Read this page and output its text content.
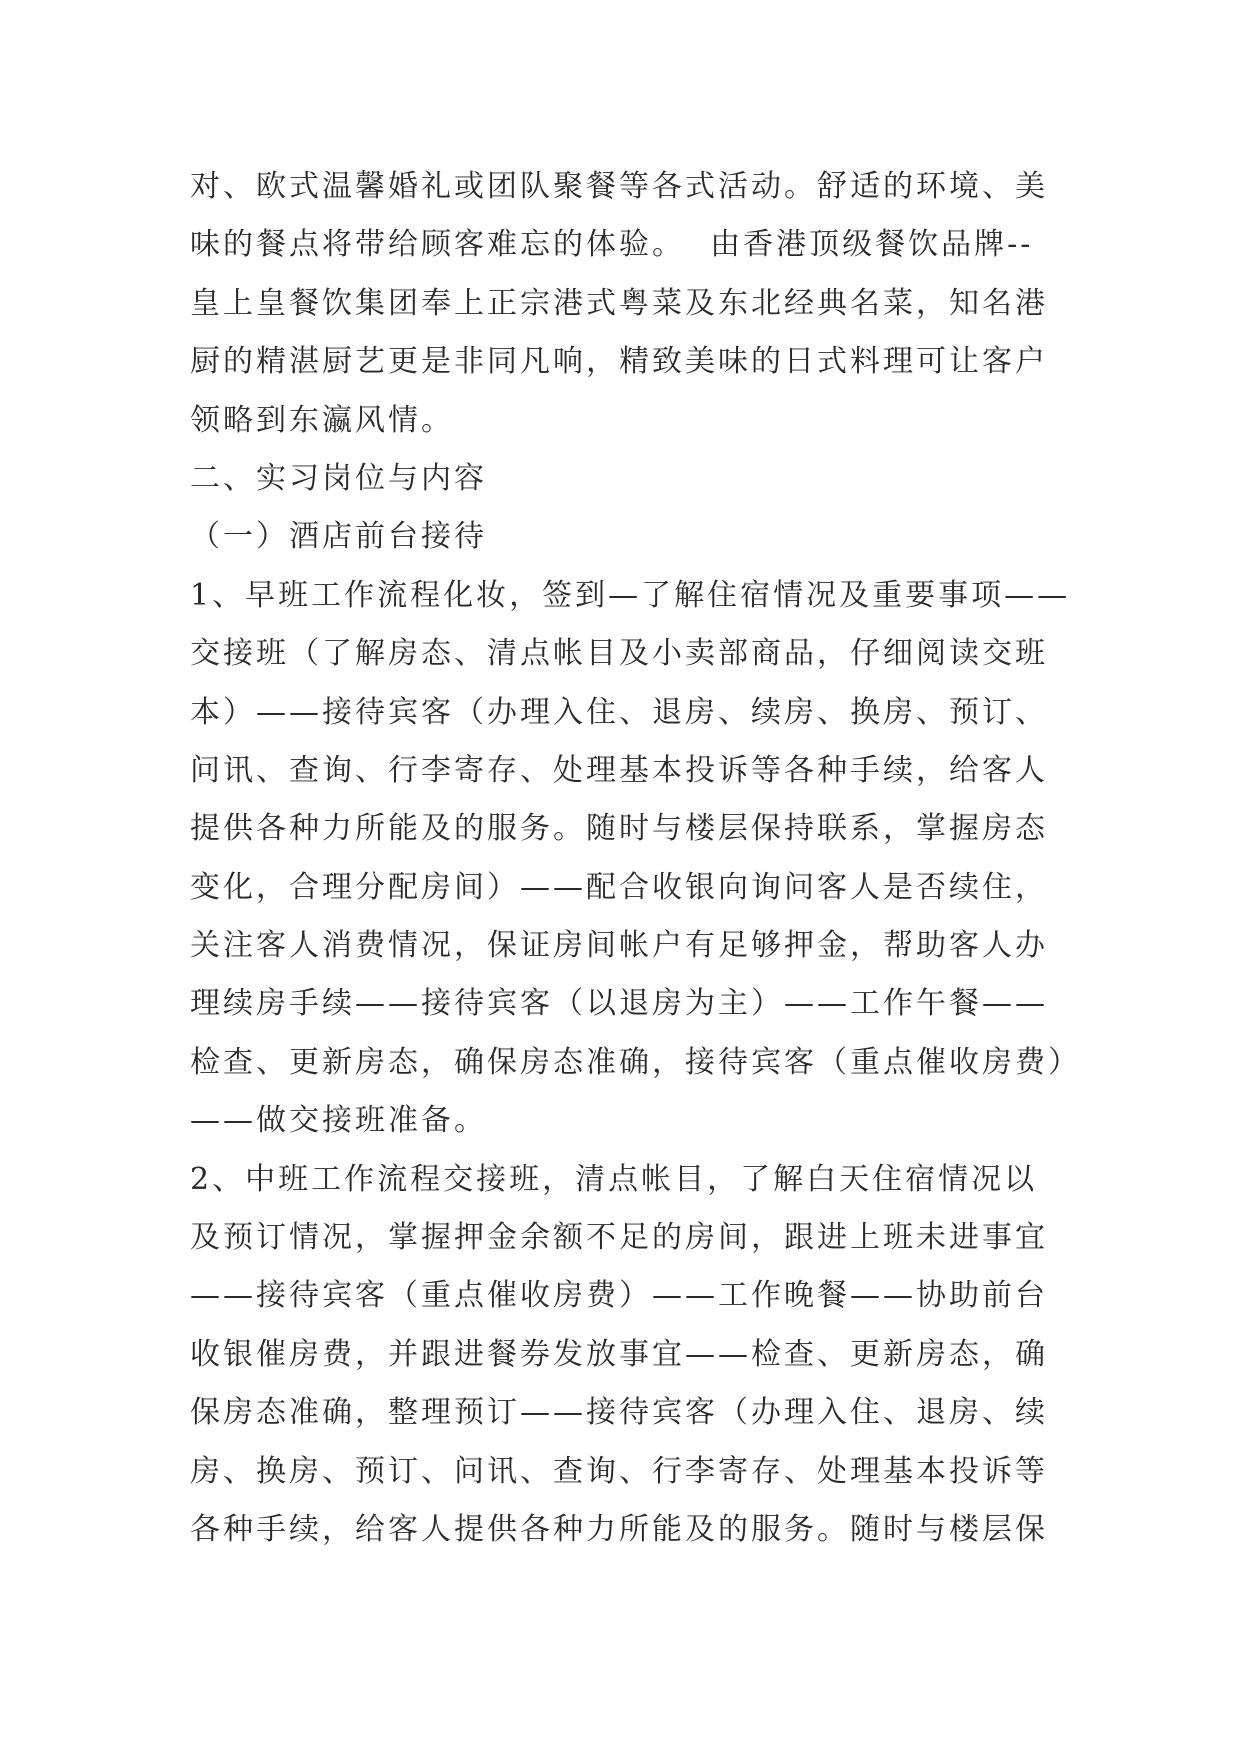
对、欧式温馨婚礼或团队聚餐等各式活动。舒适的环境、美
味的餐点将带给顾客难忘的体验。  由香港顶级餐饮品牌--
皇上皇餐饮集团奉上正宗港式粤菜及东北经典名菜，知名港
厨的精湛厨艺更是非同凡响，精致美味的日式料理可让客户
领略到东瀛风情。
二、实习岗位与内容
（一）酒店前台接待
1、早班工作流程化妆，签到—了解住宿情况及重要事项——
交接班（了解房态、清点帐目及小卖部商品，仔细阅读交班
本）——接待宾客（办理入住、退房、续房、换房、预订、
问讯、查询、行李寄存、处理基本投诉等各种手续，给客人
提供各种力所能及的服务。随时与楼层保持联系，掌握房态
变化，合理分配房间）——配合收银向询问客人是否续住，
关注客人消费情况，保证房间帐户有足够押金，帮助客人办
理续房手续——接待宾客（以退房为主）——工作午餐——
检查、更新房态，确保房态准确，接待宾客（重点催收房费）
——做交接班准备。
2、中班工作流程交接班，清点帐目，了解白天住宿情况以
及预订情况，掌握押金余额不足的房间，跟进上班未进事宜
——接待宾客（重点催收房费）——工作晚餐——协助前台
收银催房费，并跟进餐券发放事宜——检查、更新房态，确
保房态准确，整理预订——接待宾客（办理入住、退房、续
房、换房、预订、问讯、查询、行李寄存、处理基本投诉等
各种手续，给客人提供各种力所能及的服务。随时与楼层保
